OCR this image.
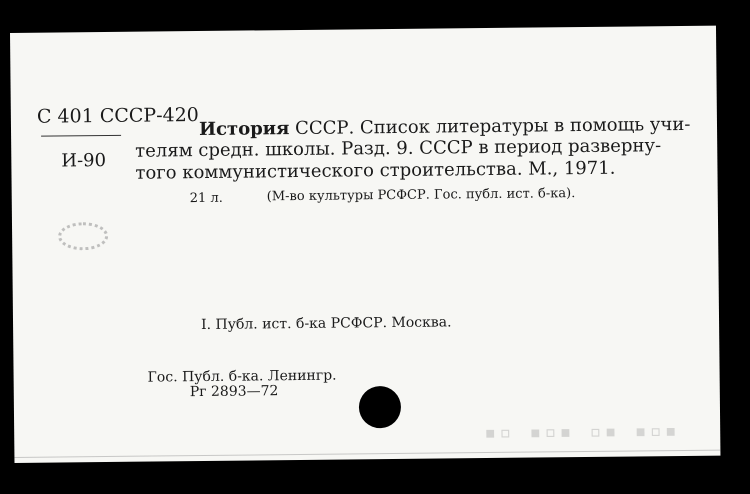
С 401 СССР-420
И-90
История СССР. Список литературы в помощь учи-
телям средн. школы. Разд. 9. СССР в период разверну-
того коммунистического строительства. М., 1971.
21 л.	(М-во культуры РСФСР. Гос. публ. ист. б-ка).
I. Публ. ист. б-ка РСФСР. Москва.
Гос. Публ. б-ка. Ленингр.
Рг 2893—72
▪▫ ▪▫▪ ▫▪ ▪▫▪
